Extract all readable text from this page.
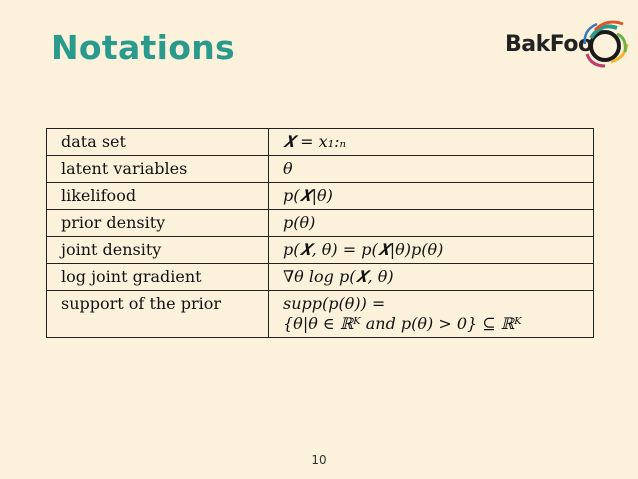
Notations	BakFoo
data set	𝑿 = x₁:ₙ
latent variables	θ
likelifood	p(𝑿|θ)
prior density	p(θ)
joint density	p(𝑿, θ) = p(𝑿|θ)p(θ)
log joint gradient	∇θ log p(𝑿, θ)
support of the prior	supp(p(θ)) =
{θ|θ ∈ ℝᴷ and p(θ) > 0} ⊆ ℝᴷ
10
